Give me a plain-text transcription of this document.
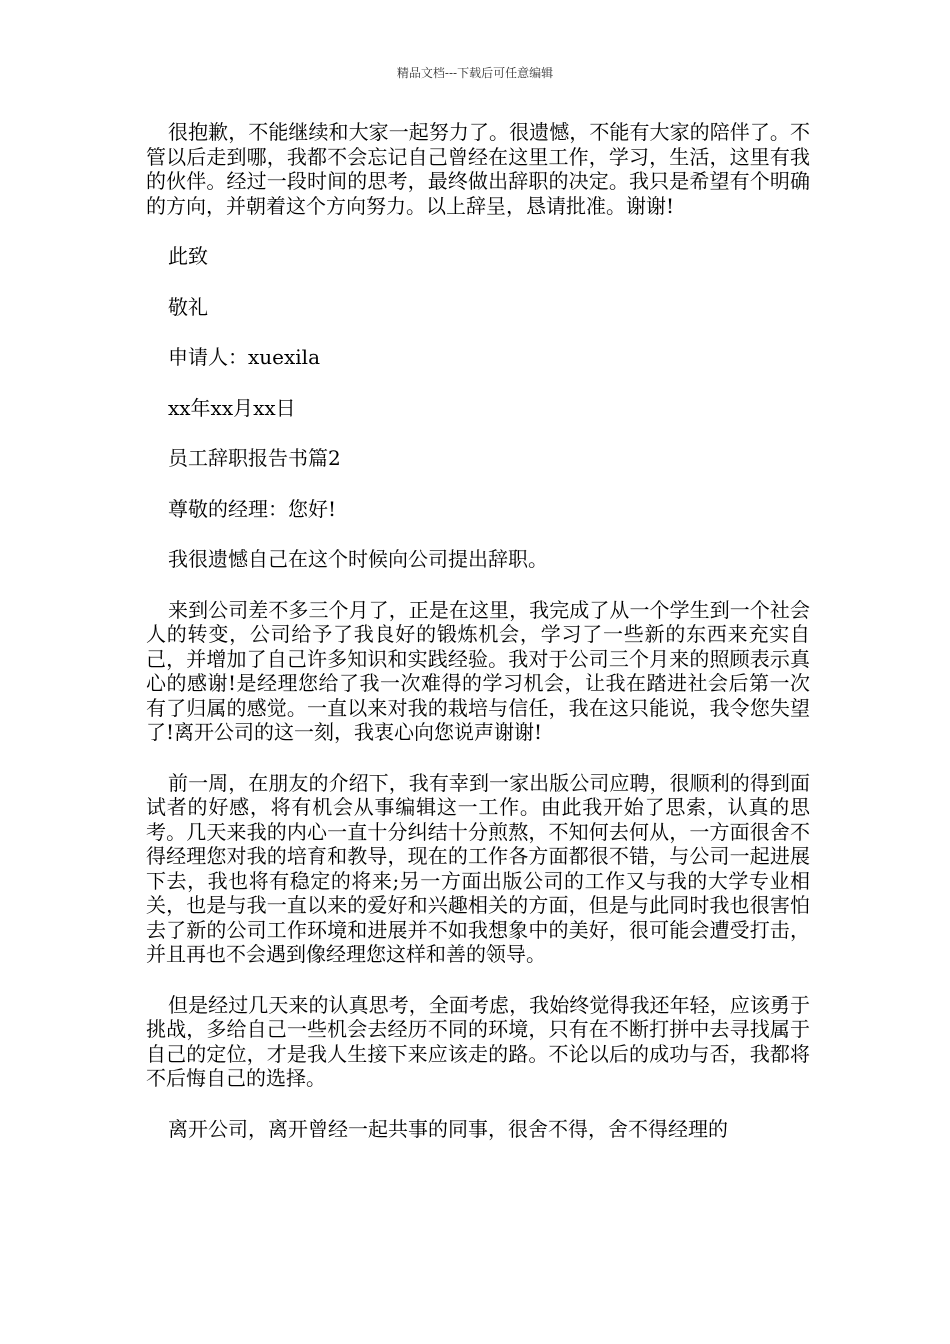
精品文档---下载后可任意编辑

很抱歉，不能继续和大家一起努力了。很遗憾，不能有大家的陪伴了。不管以后走到哪，我都不会忘记自己曾经在这里工作，学习，生活，这里有我的伙伴。经过一段时间的思考，最终做出辞职的决定。我只是希望有个明确的方向，并朝着这个方向努力。以上辞呈，恳请批准。谢谢!

此致

敬礼

申请人：xuexila

xx年xx月xx日

员工辞职报告书篇2

尊敬的经理：您好!

我很遗憾自己在这个时候向公司提出辞职。

来到公司差不多三个月了，正是在这里，我完成了从一个学生到一个社会人的转变，公司给予了我良好的锻炼机会，学习了一些新的东西来充实自己，并增加了自己许多知识和实践经验。我对于公司三个月来的照顾表示真心的感谢!是经理您给了我一次难得的学习机会，让我在踏进社会后第一次有了归属的感觉。一直以来对我的栽培与信任，我在这只能说，我令您失望了!离开公司的这一刻，我衷心向您说声谢谢!

前一周，在朋友的介绍下，我有幸到一家出版公司应聘，很顺利的得到面试者的好感，将有机会从事编辑这一工作。由此我开始了思索，认真的思考。几天来我的内心一直十分纠结十分煎熬，不知何去何从，一方面很舍不得经理您对我的培育和教导，现在的工作各方面都很不错，与公司一起进展下去，我也将有稳定的将来;另一方面出版公司的工作又与我的大学专业相关，也是与我一直以来的爱好和兴趣相关的方面，但是与此同时我也很害怕去了新的公司工作环境和进展并不如我想象中的美好，很可能会遭受打击，并且再也不会遇到像经理您这样和善的领导。

但是经过几天来的认真思考，全面考虑，我始终觉得我还年轻，应该勇于挑战，多给自己一些机会去经历不同的环境，只有在不断打拼中去寻找属于自己的定位，才是我人生接下来应该走的路。不论以后的成功与否，我都将不后悔自己的选择。

离开公司，离开曾经一起共事的同事，很舍不得，舍不得经理的
